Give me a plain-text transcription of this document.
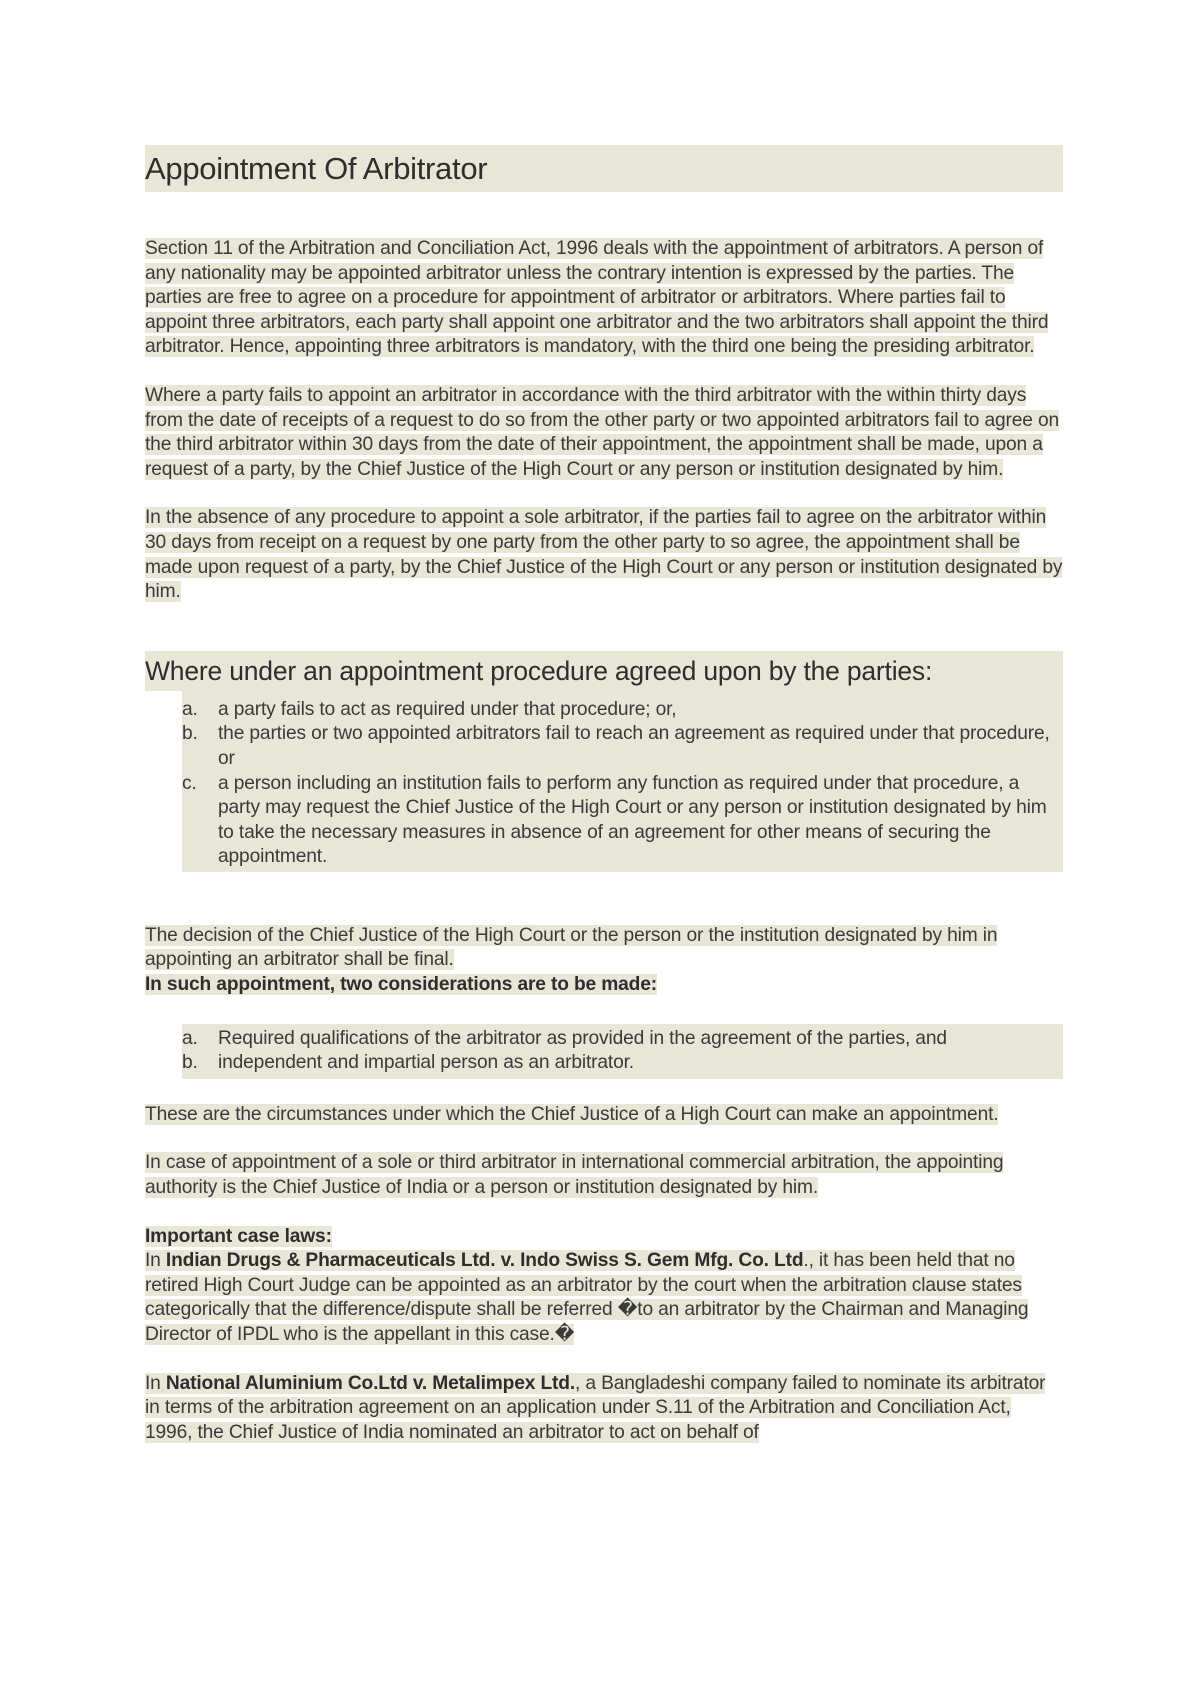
Appointment Of Arbitrator

Section 11 of the Arbitration and Conciliation Act, 1996 deals with the appointment of arbitrators. A person of any nationality may be appointed arbitrator unless the contrary intention is expressed by the parties. The parties are free to agree on a procedure for appointment of arbitrator or arbitrators. Where parties fail to appoint three arbitrators, each party shall appoint one arbitrator and the two arbitrators shall appoint the third arbitrator. Hence, appointing three arbitrators is mandatory, with the third one being the presiding arbitrator.

Where a party fails to appoint an arbitrator in accordance with the third arbitrator with the within thirty days from the date of receipts of a request to do so from the other party or two appointed arbitrators fail to agree on the third arbitrator within 30 days from the date of their appointment, the appointment shall be made, upon a request of a party, by the Chief Justice of the High Court or any person or institution designated by him.

In the absence of any procedure to appoint a sole arbitrator, if the parties fail to agree on the arbitrator within 30 days from receipt on a request by one party from the other party to so agree, the appointment shall be made upon request of a party, by the Chief Justice of the High Court or any person or institution designated by him.

Where under an appointment procedure agreed upon by the parties:
a.	a party fails to act as required under that procedure; or,
b.	the parties or two appointed arbitrators fail to reach an agreement as required under that procedure, or
c.	a person including an institution fails to perform any function as required under that procedure, a party may request the Chief Justice of the High Court or any person or institution designated by him to take the necessary measures in absence of an agreement for other means of securing the appointment.

The decision of the Chief Justice of the High Court or the person or the institution designated by him in appointing an arbitrator shall be final.
In such appointment, two considerations are to be made:

a.	Required qualifications of the arbitrator as provided in the agreement of the parties, and
b.	independent and impartial person as an arbitrator.

These are the circumstances under which the Chief Justice of a High Court can make an appointment.

In case of appointment of a sole or third arbitrator in international commercial arbitration, the appointing authority is the Chief Justice of India or a person or institution designated by him.

Important case laws:
In Indian Drugs & Pharmaceuticals Ltd. v. Indo Swiss S. Gem Mfg. Co. Ltd., it has been held that no retired High Court Judge can be appointed as an arbitrator by the court when the arbitration clause states categorically that the difference/dispute shall be referred �to an arbitrator by the Chairman and Managing Director of IPDL who is the appellant in this case.�

In National Aluminium Co.Ltd v. Metalimpex Ltd., a Bangladeshi company failed to nominate its arbitrator in terms of the arbitration agreement on an application under S.11 of the Arbitration and Conciliation Act, 1996, the Chief Justice of India nominated an arbitrator to act on behalf of
